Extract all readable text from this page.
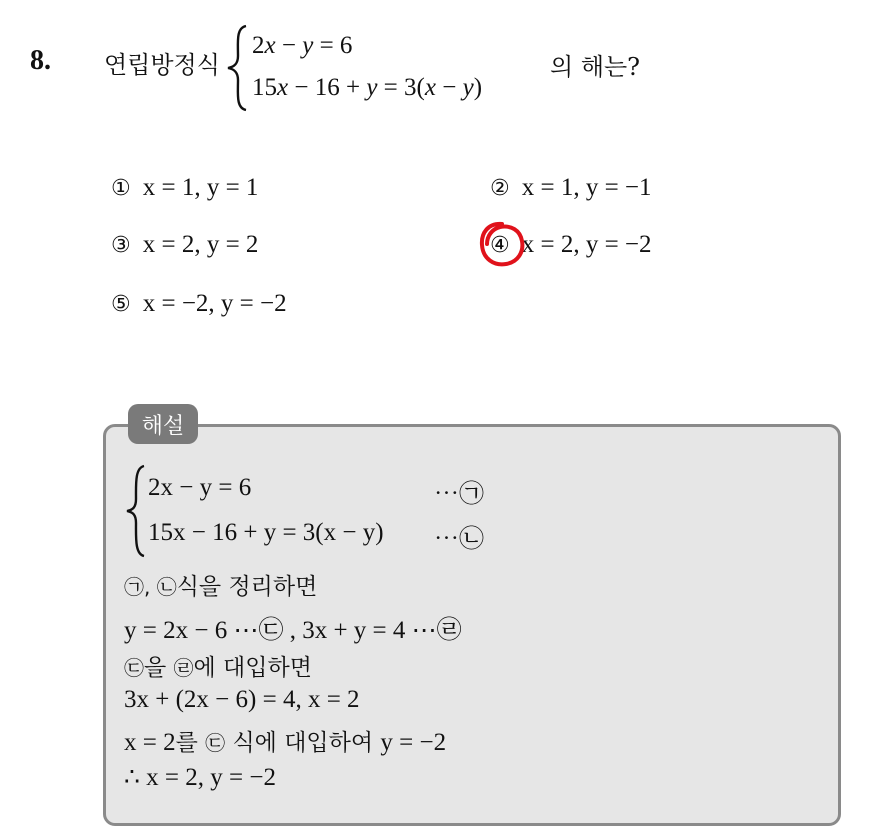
8. 연립방정식
2x − y = 6
15x − 16 + y = 3(x − y)
의 해는?
① x = 1, y = 1	② x = 1, y = −1
③ x = 2, y = 2	④ x = 2, y = −2
⑤ x = −2, y = −2
해설
2x − y = 6
15x − 16 + y = 3(x − y)
⋯㉠
⋯㉡
㉠, ㉡식을 정리하면
y = 2x − 6 ⋯㉢ , 3x + y = 4 ⋯㉣
㉢을 ㉣에 대입하면
3x + (2x − 6) = 4, x = 2
x = 2를 ㉢ 식에 대입하여 y = −2
∴ x = 2, y = −2
